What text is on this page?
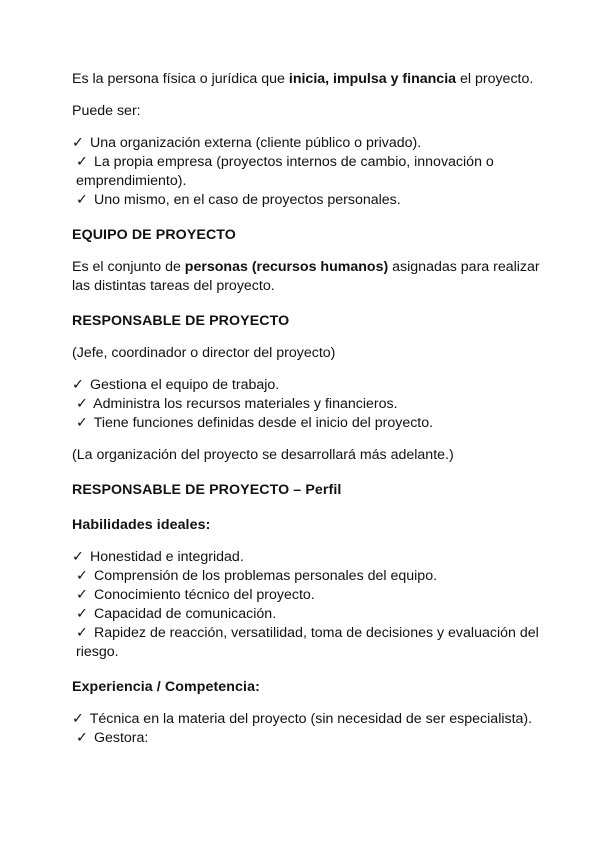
Es la persona física o jurídica que inicia, impulsa y financia el proyecto.

Puede ser:

✓ Una organización externa (cliente público o privado).
✓ La propia empresa (proyectos internos de cambio, innovación o emprendimiento).
✓ Uno mismo, en el caso de proyectos personales.

EQUIPO DE PROYECTO

Es el conjunto de personas (recursos humanos) asignadas para realizar las distintas tareas del proyecto.

RESPONSABLE DE PROYECTO

(Jefe, coordinador o director del proyecto)

✓ Gestiona el equipo de trabajo.
✓ Administra los recursos materiales y financieros.
✓ Tiene funciones definidas desde el inicio del proyecto.

(La organización del proyecto se desarrollará más adelante.)

RESPONSABLE DE PROYECTO – Perfil

Habilidades ideales:

✓ Honestidad e integridad.
✓ Comprensión de los problemas personales del equipo.
✓ Conocimiento técnico del proyecto.
✓ Capacidad de comunicación.
✓ Rapidez de reacción, versatilidad, toma de decisiones y evaluación del riesgo.

Experiencia / Competencia:

✓ Técnica en la materia del proyecto (sin necesidad de ser especialista).
✓ Gestora:
